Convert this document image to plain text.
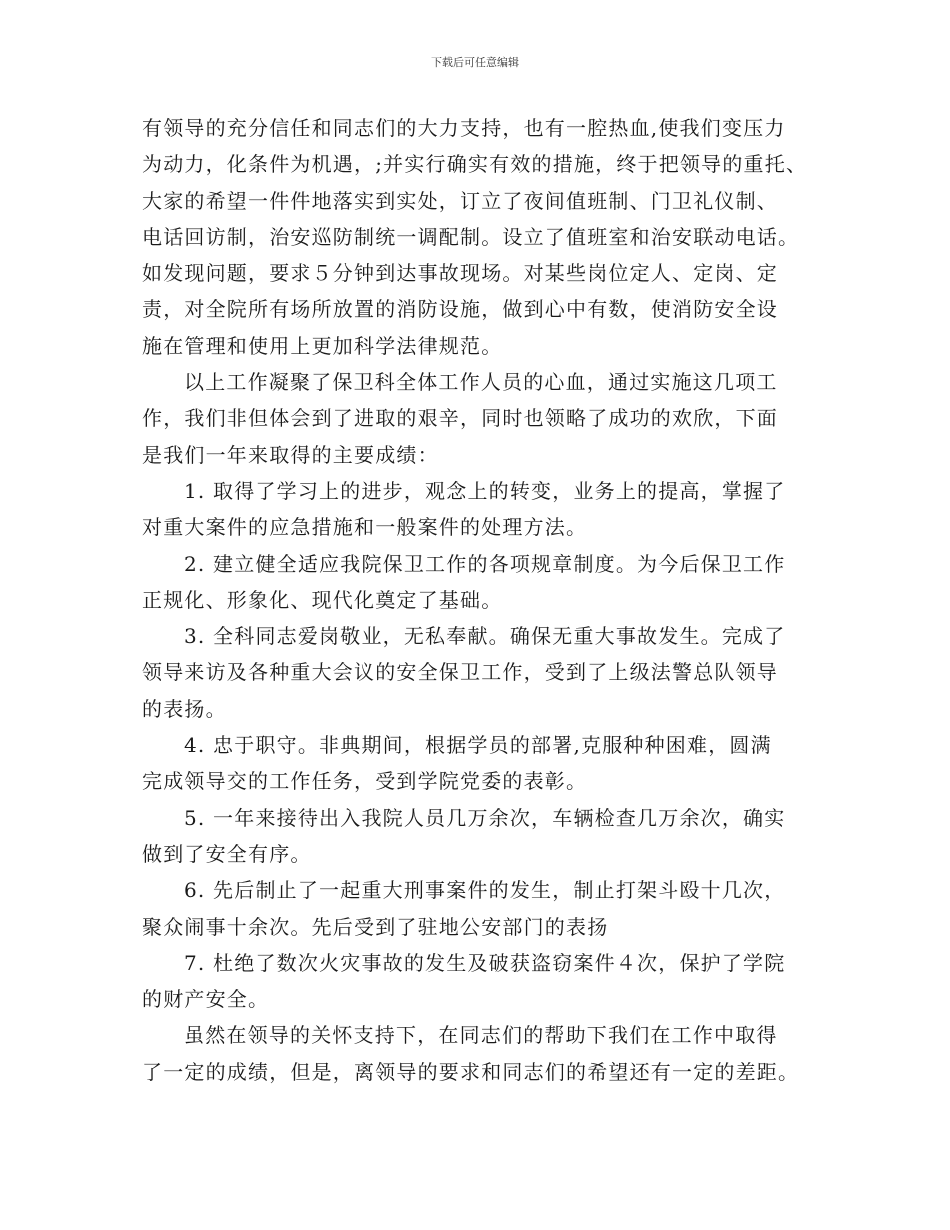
下载后可任意编辑
有领导的充分信任和同志们的大力支持，也有一腔热血,使我们变压力
为动力，化条件为机遇，;并实行确实有效的措施，终于把领导的重托、
大家的希望一件件地落实到实处，订立了夜间值班制、门卫礼仪制、
电话回访制，治安巡防制统一调配制。设立了值班室和治安联动电话。
如发现问题，要求５分钟到达事故现场。对某些岗位定人、定岗、定
责，对全院所有场所放置的消防设施，做到心中有数，使消防安全设
施在管理和使用上更加科学法律规范。
以上工作凝聚了保卫科全体工作人员的心血，通过实施这几项工
作，我们非但体会到了进取的艰辛，同时也领略了成功的欢欣，下面
是我们一年来取得的主要成绩：
1. 取得了学习上的进步，观念上的转变，业务上的提高，掌握了
对重大案件的应急措施和一般案件的处理方法。
2. 建立健全适应我院保卫工作的各项规章制度。为今后保卫工作
正规化、形象化、现代化奠定了基础。
3. 全科同志爱岗敬业，无私奉献。确保无重大事故发生。完成了
领导来访及各种重大会议的安全保卫工作，受到了上级法警总队领导
的表扬。
4. 忠于职守。非典期间，根据学员的部署,克服种种困难，圆满
完成领导交的工作任务，受到学院党委的表彰。
5. 一年来接待出入我院人员几万余次，车辆检查几万余次，确实
做到了安全有序。
6. 先后制止了一起重大刑事案件的发生，制止打架斗殴十几次，
聚众闹事十余次。先后受到了驻地公安部门的表扬
7. 杜绝了数次火灾事故的发生及破获盗窃案件４次，保护了学院
的财产安全。
虽然在领导的关怀支持下，在同志们的帮助下我们在工作中取得
了一定的成绩，但是，离领导的要求和同志们的希望还有一定的差距。
